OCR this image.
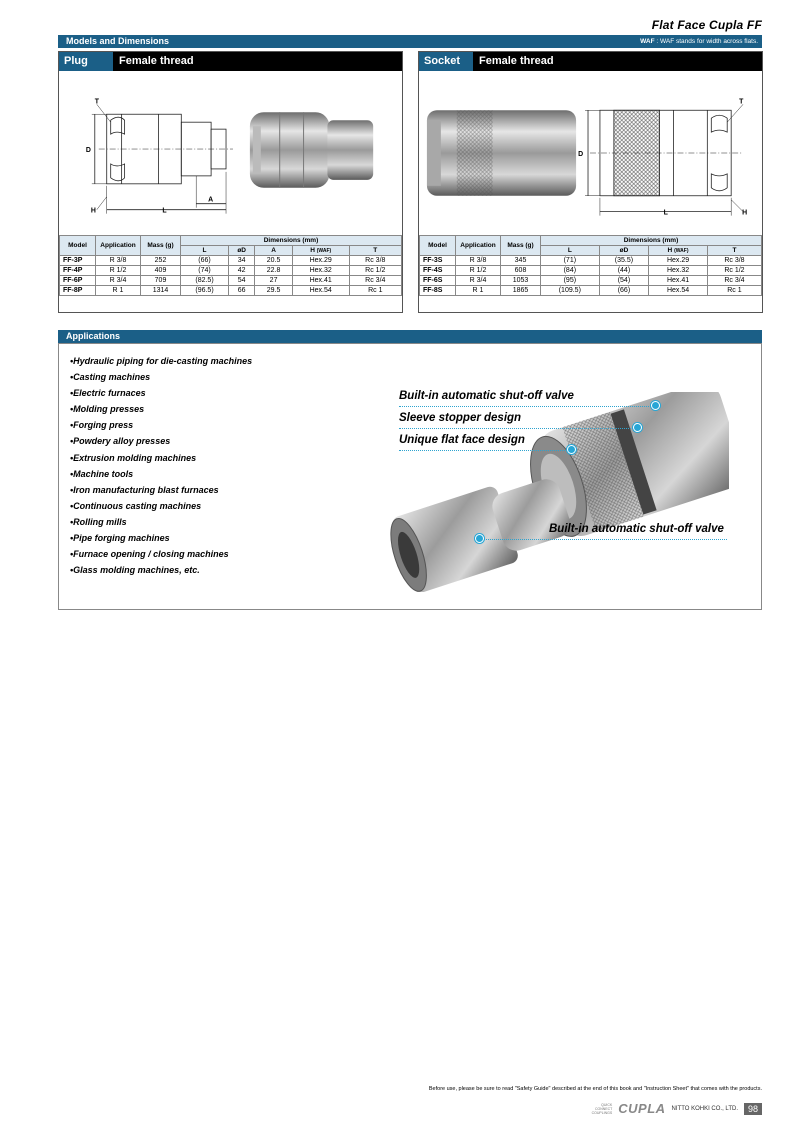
Flat Face Cupla FF
Models and Dimensions	WAF : WAF stands for width across flats.
Plug	Female thread
T
D
H	L
A
Model	Application	Mass (g)	Dimensions (mm)				
			L	øD	A	H (WAF)	T
FF-3P	R 3/8	252	(66)	34	20.5	Hex.29	Rc 3/8
FF-4P	R 1/2	409	(74)	42	22.8	Hex.32	Rc 1/2
FF-6P	R 3/4	709	(82.5)	54	27	Hex.41	Rc 3/4
FF-8P	R 1	1314	(96.5)	66	29.5	Hex.54	Rc 1
Socket	Female thread
T
D
H
L
Model	Application	Mass (g)	Dimensions (mm)			
			L	øD	H (WAF)	T
FF-3S	R 3/8	345	(71)	(35.5)	Hex.29	Rc 3/8
FF-4S	R 1/2	608	(84)	(44)	Hex.32	Rc 1/2
FF-6S	R 3/4	1053	(95)	(54)	Hex.41	Rc 3/4
FF-8S	R 1	1865	(109.5)	(66)	Hex.54	Rc 1
Applications
• Hydraulic piping for die-casting machines
• Casting machines
• Electric furnaces
• Molding presses
• Forging press
• Powdery alloy presses
• Extrusion molding machines
• Machine tools
• Iron manufacturing blast furnaces
• Continuous casting machines
• Rolling mills
• Pipe forging machines
• Furnace opening / closing machines
• Glass molding machines, etc.
Built-in automatic shut-off valve
Sleeve stopper design
Unique flat face design
Built-in automatic shut-off valve
Before use, please be sure to read "Safety Guide" described at the end of this book and "Instruction Sheet" that comes with the products.
QUICK
CONNECT
COUPLINGS CUPLA NITTO KOHKI CO., LTD.	98
